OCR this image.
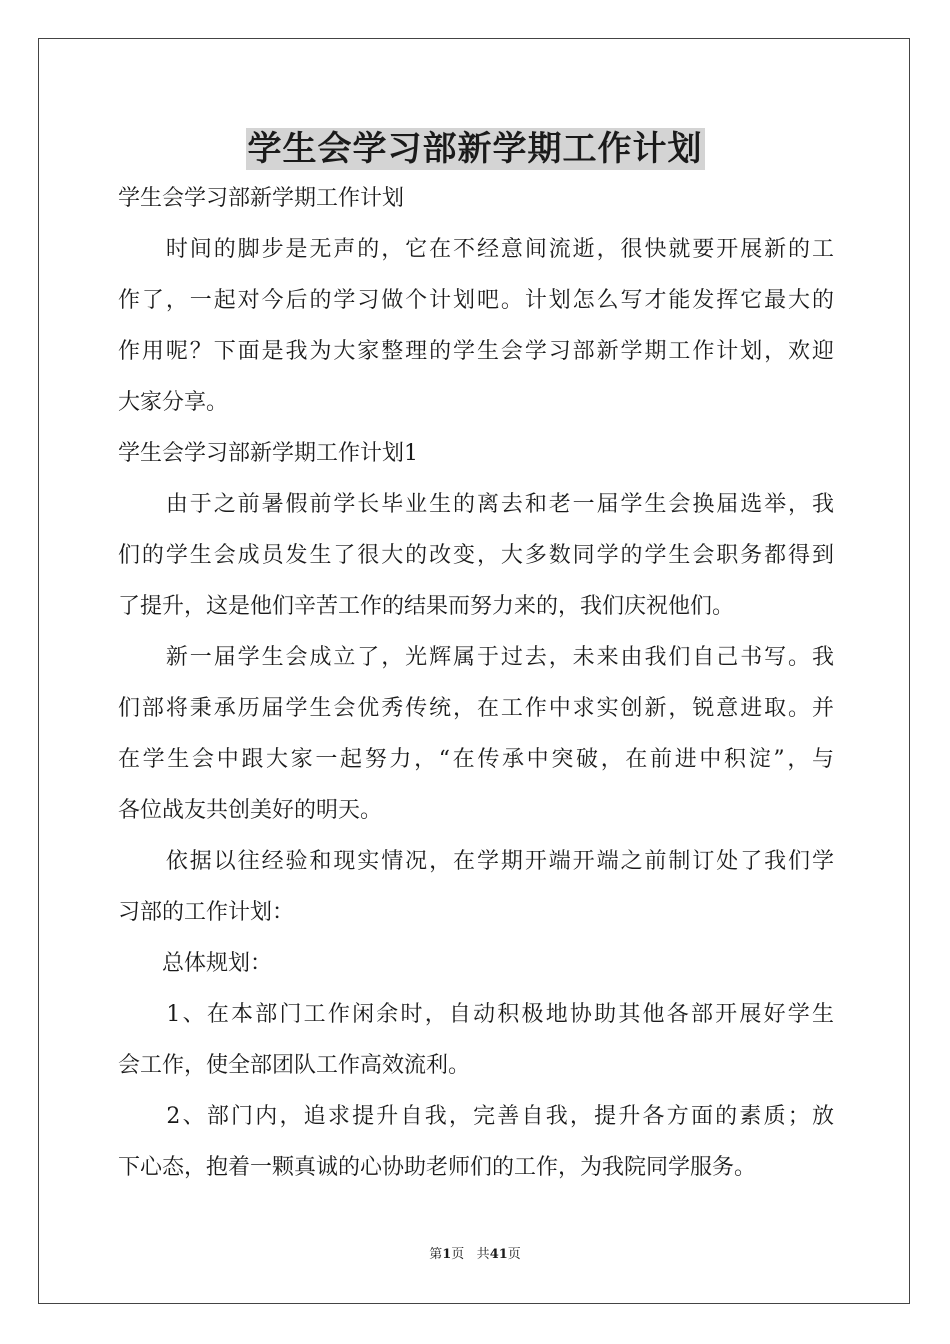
学生会学习部新学期工作计划
学生会学习部新学期工作计划
　　时间的脚步是无声的，它在不经意间流逝，很快就要开展新的工
作了，一起对今后的学习做个计划吧。计划怎么写才能发挥它最大的
作用呢？下面是我为大家整理的学生会学习部新学期工作计划，欢迎
大家分享。
学生会学习部新学期工作计划1
　　由于之前暑假前学长毕业生的离去和老一届学生会换届选举，我
们的学生会成员发生了很大的改变，大多数同学的学生会职务都得到
了提升，这是他们辛苦工作的结果而努力来的，我们庆祝他们。
　　新一届学生会成立了，光辉属于过去，未来由我们自己书写。我
们部将秉承历届学生会优秀传统，在工作中求实创新，锐意进取。并
在学生会中跟大家一起努力，“在传承中突破，在前进中积淀”，与
各位战友共创美好的明天。
　　依据以往经验和现实情况，在学期开端开端之前制订处了我们学
习部的工作计划：
　　总体规划：
　　1、在本部门工作闲余时，自动积极地协助其他各部开展好学生
会工作，使全部团队工作高效流利。
　　2、部门内，追求提升自我，完善自我，提升各方面的素质；放
下心态，抱着一颗真诚的心协助老师们的工作，为我院同学服务。
第1页 共41页
